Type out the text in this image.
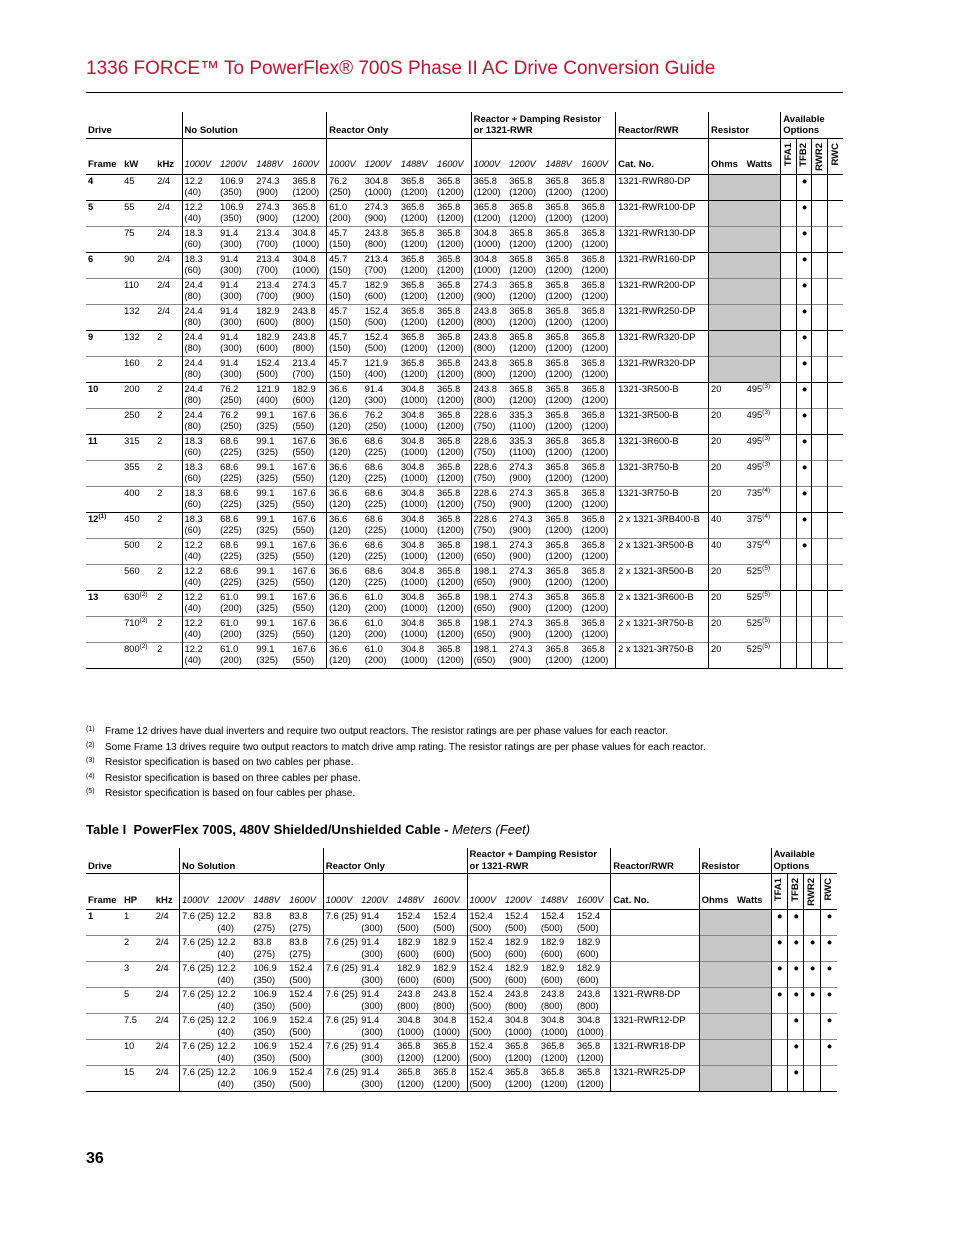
1336 FORCE™ To PowerFlex® 700S Phase II AC Drive Conversion Guide
Drive			No Solution				Reactor Only				Reactor + Damping Resistor
or 1321-RWR				Reactor/RWR	Resistor		Available Options			
Frame	kW	kHz	1000V	1200V	1488V	1600V	1000V	1200V	1488V	1600V	1000V	1200V	1488V	1600V	Cat. No.	Ohms	Watts	TFA1	TFB2	RWR2	RWC
4	45	2/4	12.2 (40)	106.9 (350)	274.3 (900)	365.8 (1200)	76.2 (250)	304.8 (1000)	365.8 (1200)	365.8 (1200)	365.8 (1200)	365.8 (1200)	365.8 (1200)	365.8 (1200)	1321-RWR80-DP				●		
5	55	2/4	12.2 (40)	106.9 (350)	274.3 (900)	365.8 (1200)	61.0 (200)	274.3 (900)	365.8 (1200)	365.8 (1200)	365.8 (1200)	365.8 (1200)	365.8 (1200)	365.8 (1200)	1321-RWR100-DP				●		
	75	2/4	18.3 (60)	91.4 (300)	213.4 (700)	304.8 (1000)	45.7 (150)	243.8 (800)	365.8 (1200)	365.8 (1200)	304.8 (1000)	365.8 (1200)	365.8 (1200)	365.8 (1200)	1321-RWR130-DP				●		
6	90	2/4	18.3 (60)	91.4 (300)	213.4 (700)	304.8 (1000)	45.7 (150)	213.4 (700)	365.8 (1200)	365.8 (1200)	304.8 (1000)	365.8 (1200)	365.8 (1200)	365.8 (1200)	1321-RWR160-DP				●		
	110	2/4	24.4 (80)	91.4 (300)	213.4 (700)	274.3 (900)	45.7 (150)	182.9 (600)	365.8 (1200)	365.8 (1200)	274.3 (900)	365.8 (1200)	365.8 (1200)	365.8 (1200)	1321-RWR200-DP				●		
	132	2/4	24.4 (80)	91.4 (300)	182.9 (600)	243.8 (800)	45.7 (150)	152.4 (500)	365.8 (1200)	365.8 (1200)	243.8 (800)	365.8 (1200)	365.8 (1200)	365.8 (1200)	1321-RWR250-DP				●		
9	132	2	24.4 (80)	91.4 (300)	182.9 (600)	243.8 (800)	45.7 (150)	152.4 (500)	365.8 (1200)	365.8 (1200)	243.8 (800)	365.8 (1200)	365.8 (1200)	365.8 (1200)	1321-RWR320-DP				●		
	160	2	24.4 (80)	91.4 (300)	152.4 (500)	213.4 (700)	45.7 (150)	121.9 (400)	365.8 (1200)	365.8 (1200)	243.8 (800)	365.8 (1200)	365.8 (1200)	365.8 (1200)	1321-RWR320-DP				●		
10	200	2	24.4 (80)	76.2 (250)	121.9 (400)	182.9 (600)	36.6 (120)	91.4 (300)	304.8 (1000)	365.8 (1200)	243.8 (800)	365.8 (1200)	365.8 (1200)	365.8 (1200)	1321-3R500-B	20	495$^{(3)}$		●		
	250	2	24.4 (80)	76.2 (250)	99.1 (325)	167.6 (550)	36.6 (120)	76.2 (250)	304.8 (1000)	365.8 (1200)	228.6 (750)	335.3 (1100)	365.8 (1200)	365.8 (1200)	1321-3R500-B	20	495$^{(3)}$		●		
11	315	2	18.3 (60)	68.6 (225)	99.1 (325)	167.6 (550)	36.6 (120)	68.6 (225)	304.8 (1000)	365.8 (1200)	228.6 (750)	335.3 (1100)	365.8 (1200)	365.8 (1200)	1321-3R600-B	20	495$^{(3)}$		●		
	355	2	18.3 (60)	68.6 (225)	99.1 (325)	167.6 (550)	36.6 (120)	68.6 (225)	304.8 (1000)	365.8 (1200)	228.6 (750)	274.3 (900)	365.8 (1200)	365.8 (1200)	1321-3R750-B	20	495$^{(3)}$		●		
	400	2	18.3 (60)	68.6 (225)	99.1 (325)	167.6 (550)	36.6 (120)	68.6 (225)	304.8 (1000)	365.8 (1200)	228.6 (750)	274.3 (900)	365.8 (1200)	365.8 (1200)	1321-3R750-B	20	735$^{(4)}$		●		
12$^{(1)}$	450	2	18.3 (60)	68.6 (225)	99.1 (325)	167.6 (550)	36.6 (120)	68.6 (225)	304.8 (1000)	365.8 (1200)	228.6 (750)	274.3 (900)	365.8 (1200)	365.8 (1200)	2 x 1321-3RB400-B	40	375$^{(4)}$		●		
	500	2	12.2 (40)	68.6 (225)	99.1 (325)	167.6 (550)	36.6 (120)	68.6 (225)	304.8 (1000)	365.8 (1200)	198.1 (650)	274.3 (900)	365.8 (1200)	365.8 (1200)	2 x 1321-3R500-B	40	375$^{(4)}$		●		
	560	2	12.2 (40)	68.6 (225)	99.1 (325)	167.6 (550)	36.6 (120)	68.6 (225)	304.8 (1000)	365.8 (1200)	198.1 (650)	274.3 (900)	365.8 (1200)	365.8 (1200)	2 x 1321-3R500-B	20	525$^{(5)}$				
13	630$^{(2)}$	2	12.2 (40)	61.0 (200)	99.1 (325)	167.6 (550)	36.6 (120)	61.0 (200)	304.8 (1000)	365.8 (1200)	198.1 (650)	274.3 (900)	365.8 (1200)	365.8 (1200)	2 x 1321-3R600-B	20	525$^{(5)}$				
	710$^{(2)}$	2	12.2 (40)	61.0 (200)	99.1 (325)	167.6 (550)	36.6 (120)	61.0 (200)	304.8 (1000)	365.8 (1200)	198.1 (650)	274.3 (900)	365.8 (1200)	365.8 (1200)	2 x 1321-3R750-B	20	525$^{(5)}$				
	800$^{(2)}$	2	12.2 (40)	61.0 (200)	99.1 (325)	167.6 (550)	36.6 (120)	61.0 (200)	304.8 (1000)	365.8 (1200)	198.1 (650)	274.3 (900)	365.8 (1200)	365.8 (1200)	2 x 1321-3R750-B	20	525$^{(5)}$				
(1)	Frame 12 drives have dual inverters and require two output reactors. The resistor ratings are per phase values for each reactor.
(2)	Some Frame 13 drives require two output reactors to match drive amp rating. The resistor ratings are per phase values for each reactor.
(3)	Resistor specification is based on two cables per phase.
(4)	Resistor specification is based on three cables per phase.
(5)	Resistor specification is based on four cables per phase.
Table I PowerFlex 700S, 480V Shielded/Unshielded Cable - Meters (Feet)
Drive			No Solution				Reactor Only				Reactor + Damping Resistor
or 1321-RWR				Reactor/RWR	Resistor		Available Options			
Frame	HP	kHz	1000V	1200V	1488V	1600V	1000V	1200V	1488V	1600V	1000V	1200V	1488V	1600V	Cat. No.	Ohms	Watts	TFA1	TFB2	RWR2	RWC
1	1	2/4	7.6 (25)	12.2 (40)	83.8 (275)	83.8 (275)	7.6 (25)	91.4 (300)	152.4 (500)	152.4 (500)	152.4 (500)	152.4 (500)	152.4 (500)	152.4 (500)				●	●		●
	2	2/4	7.6 (25)	12.2 (40)	83.8 (275)	83.8 (275)	7.6 (25)	91.4 (300)	182.9 (600)	182.9 (600)	152.4 (500)	182.9 (600)	182.9 (600)	182.9 (600)				●	●	●	●
	3	2/4	7.6 (25)	12.2 (40)	106.9 (350)	152.4 (500)	7.6 (25)	91.4 (300)	182.9 (600)	182.9 (600)	152.4 (500)	182.9 (600)	182.9 (600)	182.9 (600)				●	●	●	●
	5	2/4	7.6 (25)	12.2 (40)	106.9 (350)	152.4 (500)	7.6 (25)	91.4 (300)	243.8 (800)	243.8 (800)	152.4 (500)	243.8 (800)	243.8 (800)	243.8 (800)	1321-RWR8-DP			●	●	●	●
	7.5	2/4	7.6 (25)	12.2 (40)	106.9 (350)	152.4 (500)	7.6 (25)	91.4 (300)	304.8 (1000)	304.8 (1000)	152.4 (500)	304.8 (1000)	304.8 (1000)	304.8 (1000)	1321-RWR12-DP				●		●
	10	2/4	7.6 (25)	12.2 (40)	106.9 (350)	152.4 (500)	7.6 (25)	91.4 (300)	365.8 (1200)	365.8 (1200)	152.4 (500)	365.8 (1200)	365.8 (1200)	365.8 (1200)	1321-RWR18-DP				●		●
	15	2/4	7.6 (25)	12.2 (40)	106.9 (350)	152.4 (500)	7.6 (25)	91.4 (300)	365.8 (1200)	365.8 (1200)	152.4 (500)	365.8 (1200)	365.8 (1200)	365.8 (1200)	1321-RWR25-DP				●		
36
